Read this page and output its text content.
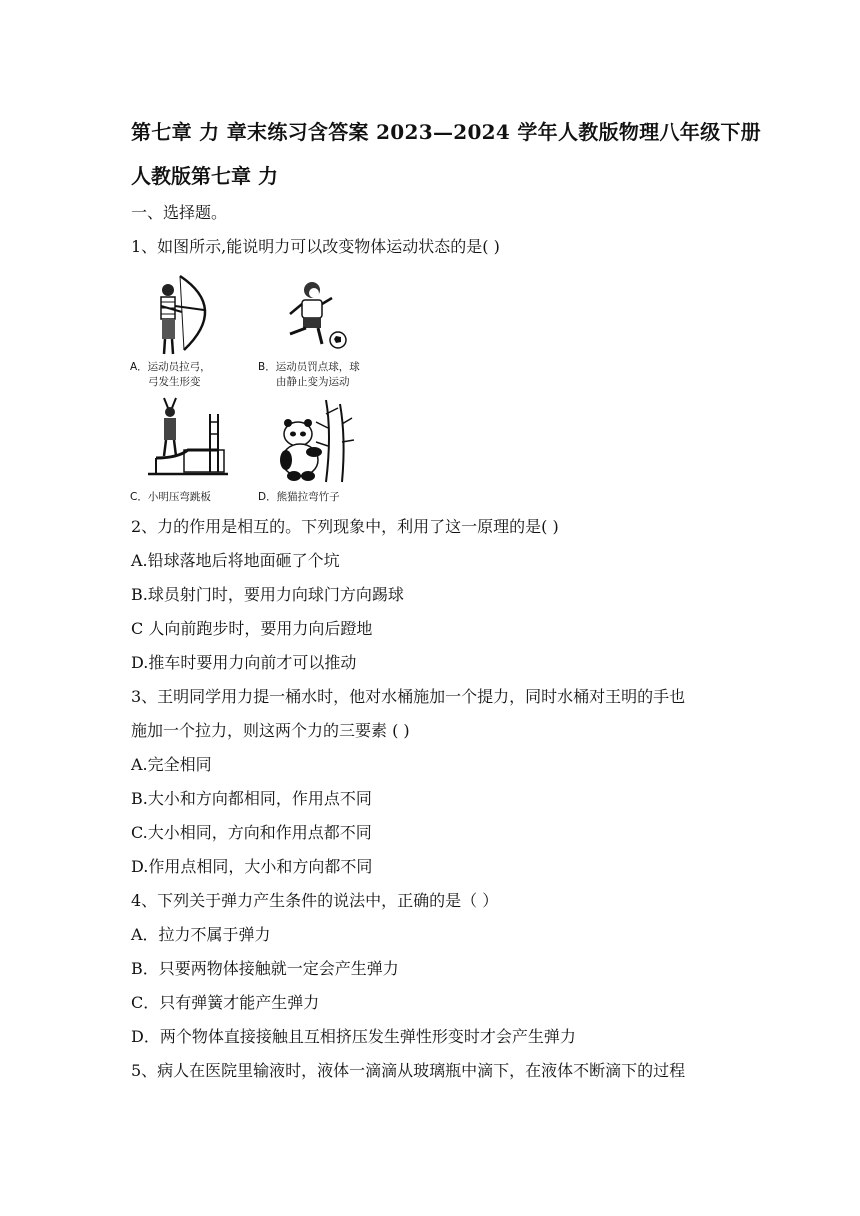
第七章 力 章末练习含答案 2023—2024 学年人教版物理八年级下册
人教版第七章 力
一、选择题。
1、如图所示,能说明力可以改变物体运动状态的是( )
A．运动员拉弓，
弓发生形变
B．运动员罚点球，球
由静止变为运动
C．小明压弯跳板	D．熊猫拉弯竹子
2、力的作用是相互的。下列现象中，利用了这一原理的是( )
A.铅球落地后将地面砸了个坑
B.球员射门时，要用力向球门方向踢球
C 人向前跑步时，要用力向后蹬地
D.推车时要用力向前才可以推动
3、王明同学用力提一桶水时，他对水桶施加一个提力，同时水桶对王明的手也
施加一个拉力，则这两个力的三要素 ( )
A.完全相同
B.大小和方向都相同，作用点不同
C.大小相同，方向和作用点都不同
D.作用点相同，大小和方向都不同
4、下列关于弹力产生条件的说法中，正确的是（ ）
A．拉力不属于弹力
B．只要两物体接触就一定会产生弹力
C．只有弹簧才能产生弹力
D．两个物体直接接触且互相挤压发生弹性形变时才会产生弹力
5、病人在医院里输液时，液体一滴滴从玻璃瓶中滴下，在液体不断滴下的过程
